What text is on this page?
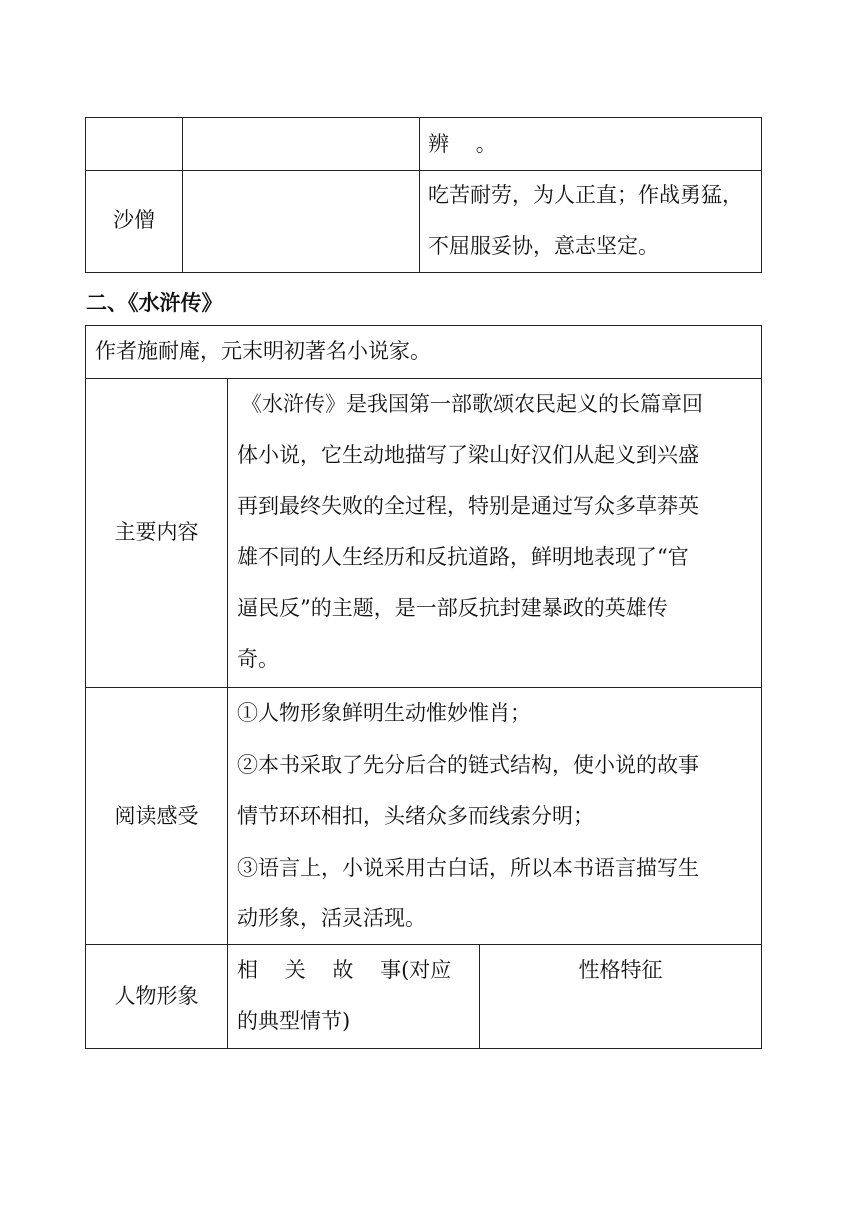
辨    。
沙僧
吃苦耐劳，为人正直；作战勇猛，
不屈服妥协，意志坚定。
二、《水浒传》
作者施耐庵，元末明初著名小说家。
主要内容
《水浒传》是我国第一部歌颂农民起义的长篇章回
体小说，它生动地描写了梁山好汉们从起义到兴盛
再到最终失败的全过程，特别是通过写众多草莽英
雄不同的人生经历和反抗道路，鲜明地表现了“官
逼民反”的主题，是一部反抗封建暴政的英雄传
奇。
阅读感受
①人物形象鲜明生动惟妙惟肖；
②本书采取了先分后合的链式结构，使小说的故事
情节环环相扣，头绪众多而线索分明；
③语言上，小说采用古白话，所以本书语言描写生
动形象，活灵活现。
人物形象
相    关    故    事(对应
的典型情节)
性格特征
